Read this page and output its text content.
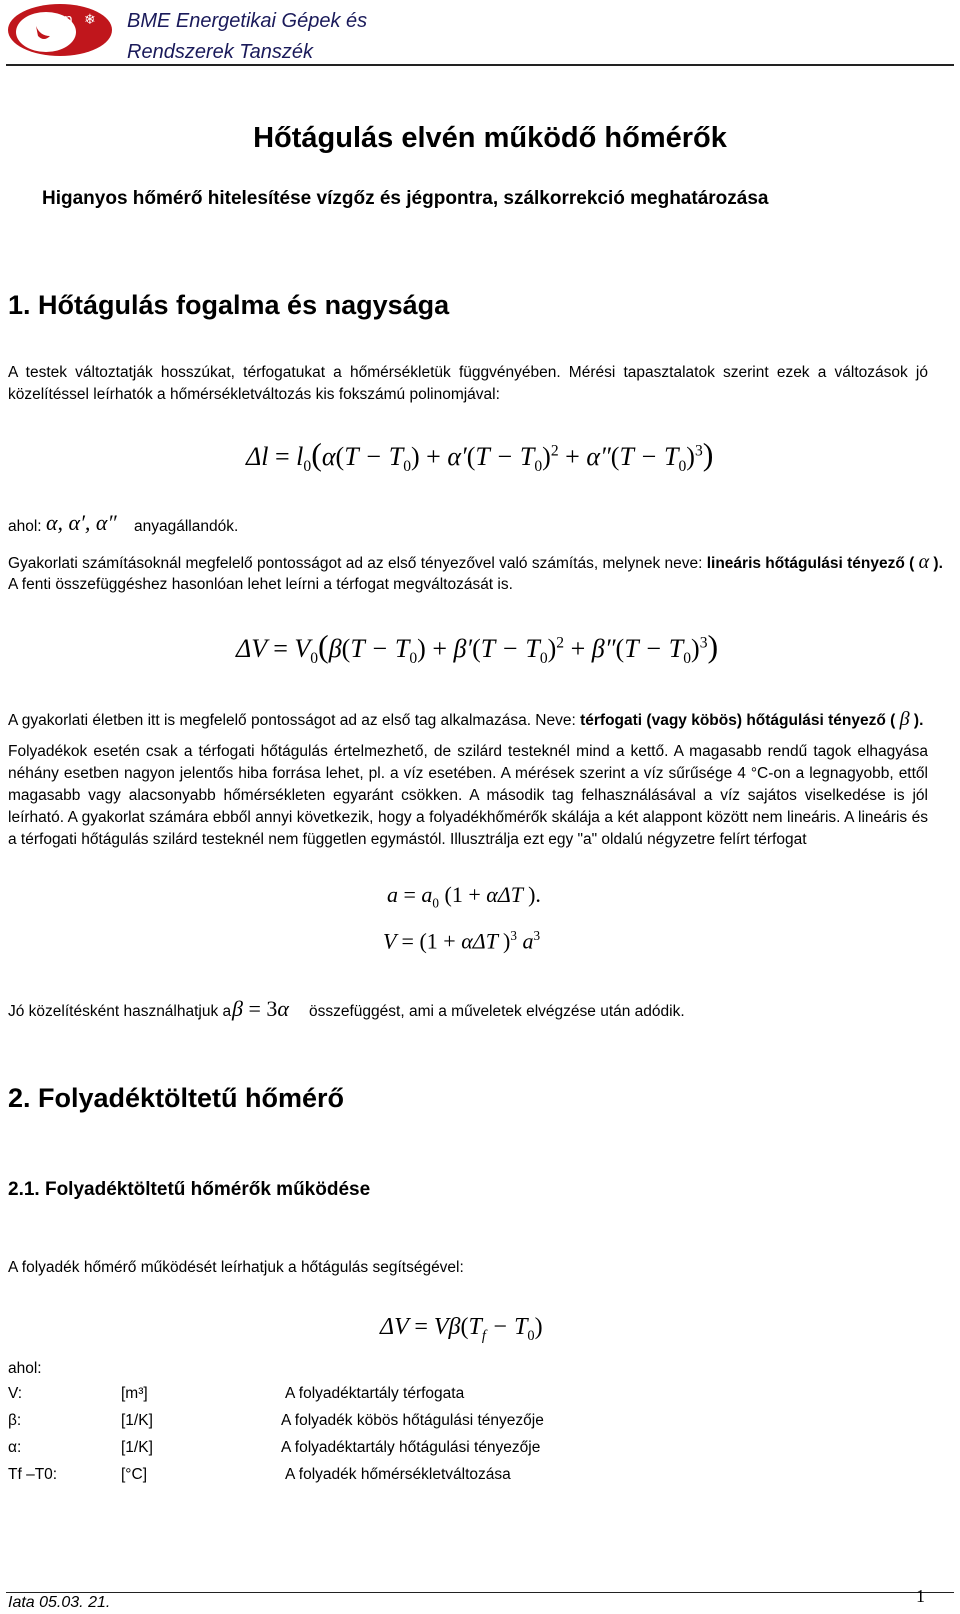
η ❄ BME Energetikai Gépek és
Rendszerek Tanszék
Hőtágulás elvén működő hőmérők
Higanyos hőmérő hitelesítése vízgőz és jégpontra, szálkorrekció meghatározása
1. Hőtágulás fogalma és nagysága

A testek változtatják hosszúkat, térfogatukat a hőmérsékletük függvényében. Mérési tapasztalatok szerint ezek a változások jó közelítéssel leírhatók a hőmérsékletváltozás kis fokszámú polinomjával:

$\Delta l = l_0(\alpha(T - T_0) + \alpha'(T - T_0)^2 + \alpha''(T - T_0)^3)$

ahol: α, α′, α″ anyagállandók.

Gyakorlati számításoknál megfelelő pontosságot ad az első tényezővel való számítás, melynek neve: lineáris hőtágulási tényező ( α ).

A fenti összefüggéshez hasonlóan lehet leírni a térfogat megváltozását is.

$\Delta V = V_0(\beta(T - T_0) + \beta'(T - T_0)^2 + \beta''(T - T_0)^3)$

A gyakorlati életben itt is megfelelő pontosságot ad az első tag alkalmazása. Neve: térfogati (vagy köbös) hőtágulási tényező ( β ).

Folyadékok esetén csak a térfogati hőtágulás értelmezhető, de szilárd testeknél mind a kettő. A magasabb rendű tagok elhagyása néhány esetben nagyon jelentős hiba forrása lehet, pl. a víz esetében. A mérések szerint a víz sűrűsége 4 °C-on a legnagyobb, ettől magasabb vagy alacsonyabb hőmérsékleten egyaránt csökken. A második tag felhasználásával a víz sajátos viselkedése is jól leírható. A gyakorlat számára ebből annyi következik, hogy a folyadékhőmérők skálája a két alappont között nem lineáris. A lineáris és a térfogati hőtágulás szilárd testeknél nem független egymástól. Illusztrálja ezt egy "a" oldalú négyzetre felírt térfogat

$a = a_0$ (1 + αΔT ).
V = (1 + αΔT )$^3$ $a^3$

Jó közelítésként használhatjuk a β = 3α összefüggést, ami a műveletek elvégzése után adódik.

2. Folyadéktöltetű hőmérő
2.1. Folyadéktöltetű hőmérők működése

A folyadék hőmérő működését leírhatjuk a hőtágulás segítségével:

$\Delta V = V\beta(T_f - T_0)$

ahol:

V:	[m³]	A folyadéktartály térfogata
β:	[1/K]	A folyadék köbös hőtágulási tényezője
α:	[1/K]	A folyadéktartály hőtágulási tényezője
Tf –T0:	[°C]	A folyadék hőmérsékletváltozása
Iata 05.03. 21.	1
